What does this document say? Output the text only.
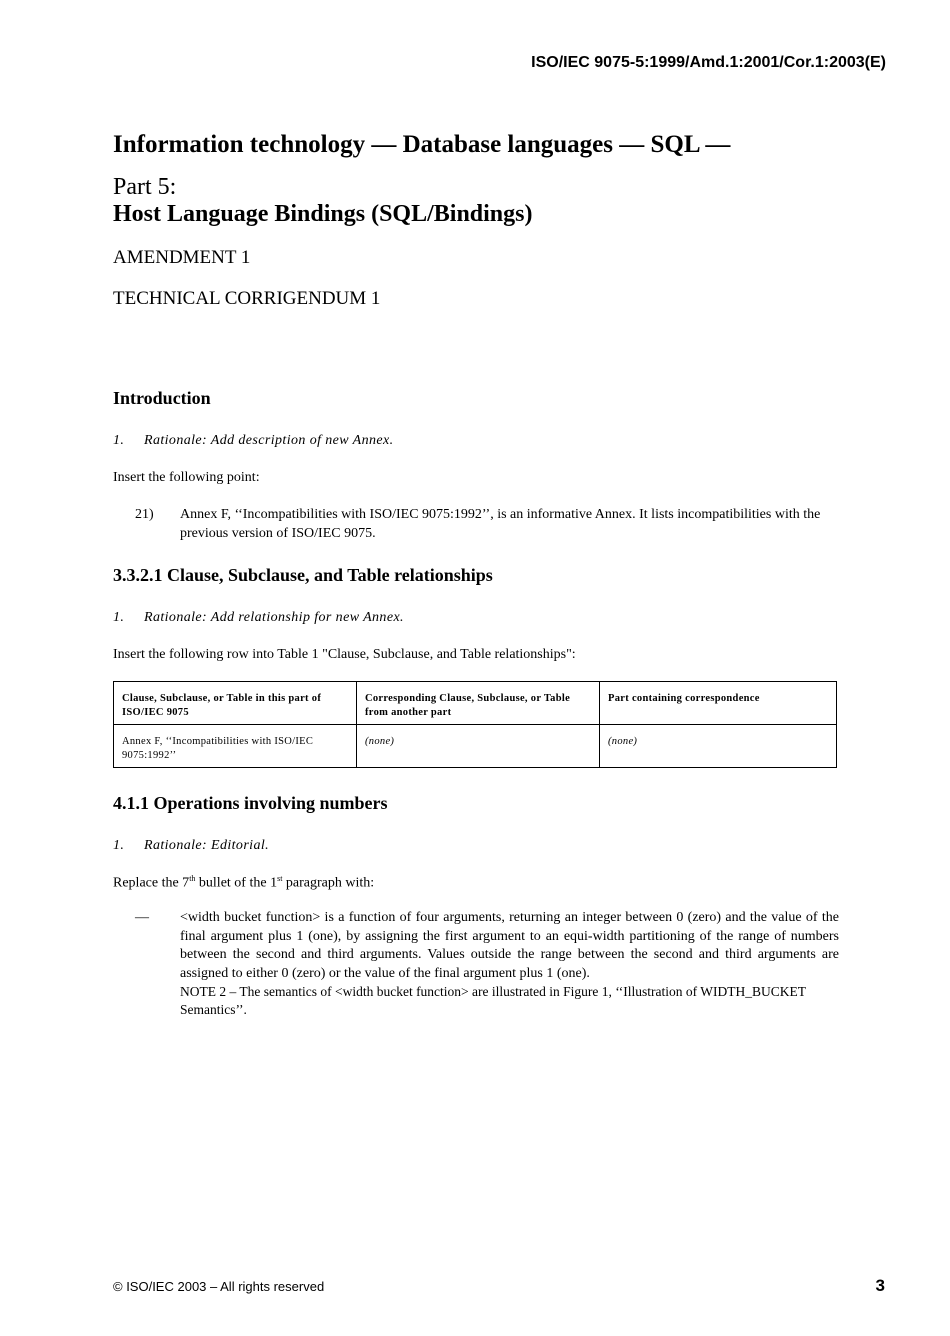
ISO/IEC 9075-5:1999/Amd.1:2001/Cor.1:2003(E)
Information technology — Database languages — SQL —
Part 5:
Host Language Bindings (SQL/Bindings)
AMENDMENT 1
TECHNICAL CORRIGENDUM 1
Introduction
1. Rationale: Add description of new Annex.
Insert the following point:
21) Annex F, ‘‘Incompatibilities with ISO/IEC 9075:1992’’, is an informative Annex. It lists incompatibilities with the previous version of ISO/IEC 9075.
3.3.2.1 Clause, Subclause, and Table relationships
1. Rationale: Add relationship for new Annex.
Insert the following row into Table 1 "Clause, Subclause, and Table relationships":
Clause, Subclause, or Table in this part of ISO/IEC 9075	Corresponding Clause, Subclause, or Table from another part	Part containing correspondence
Annex F, ‘‘Incompatibilities with ISO/IEC 9075:1992’’	(none)	(none)
4.1.1 Operations involving numbers
1. Rationale: Editorial.
Replace the 7th bullet of the 1st paragraph with:
— <width bucket function> is a function of four arguments, returning an integer between 0 (zero) and the value of the final argument plus 1 (one), by assigning the first argument to an equi-width partitioning of the range of numbers between the second and third arguments. Values outside the range between the second and third arguments are assigned to either 0 (zero) or the value of the final argument plus 1 (one).
NOTE 2 – The semantics of <width bucket function> are illustrated in Figure 1, ‘‘Illustration of WIDTH_BUCKET Semantics’’.
© ISO/IEC 2003 – All rights reserved	3
